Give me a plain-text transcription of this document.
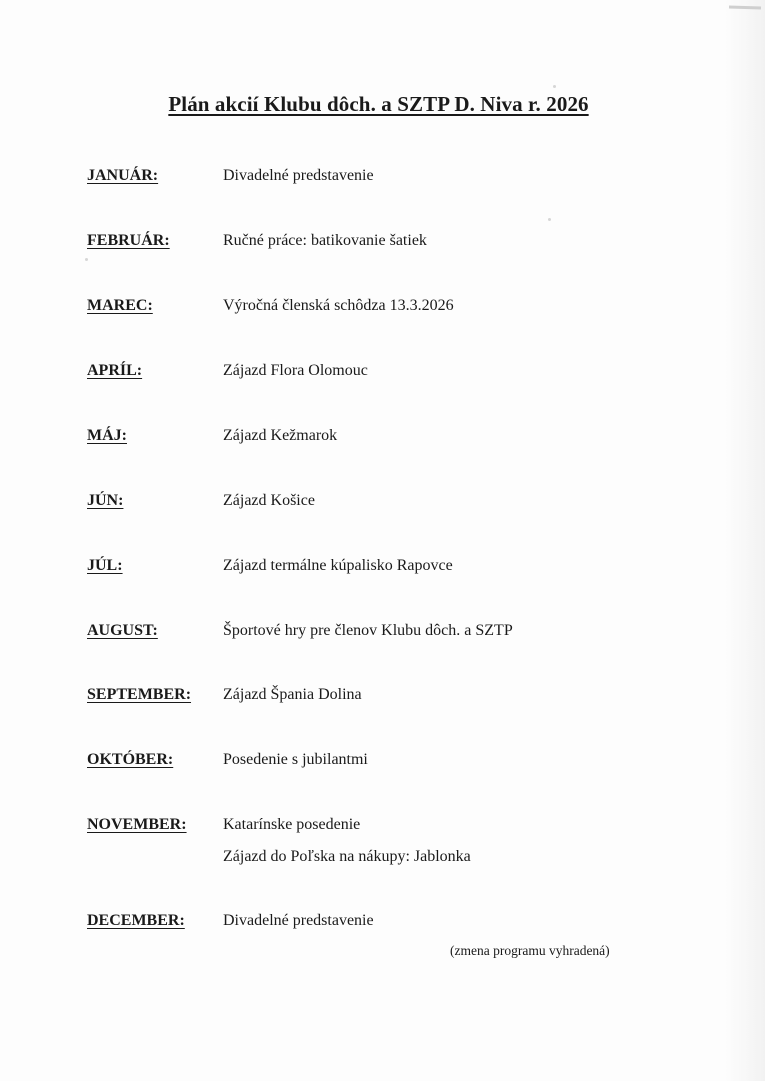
Plán akcií Klubu dôch. a SZTP D. Niva r. 2026
JANUÁR:	Divadelné predstavenie
FEBRUÁR:	Ručné práce: batikovanie šatiek
MAREC:	Výročná členská schôdza 13.3.2026
APRÍL:	Zájazd Flora Olomouc
MÁJ:	Zájazd Kežmarok
JÚN:	Zájazd Košice
JÚL:	Zájazd termálne kúpalisko Rapovce
AUGUST:	Športové hry pre členov Klubu dôch. a SZTP
SEPTEMBER: Zájazd Špania Dolina
OKTÓBER:	Posedenie s jubilantmi
NOVEMBER: Katarínske posedenie
Zájazd do Poľska na nákupy: Jablonka
DECEMBER: Divadelné predstavenie
(zmena programu vyhradená)
